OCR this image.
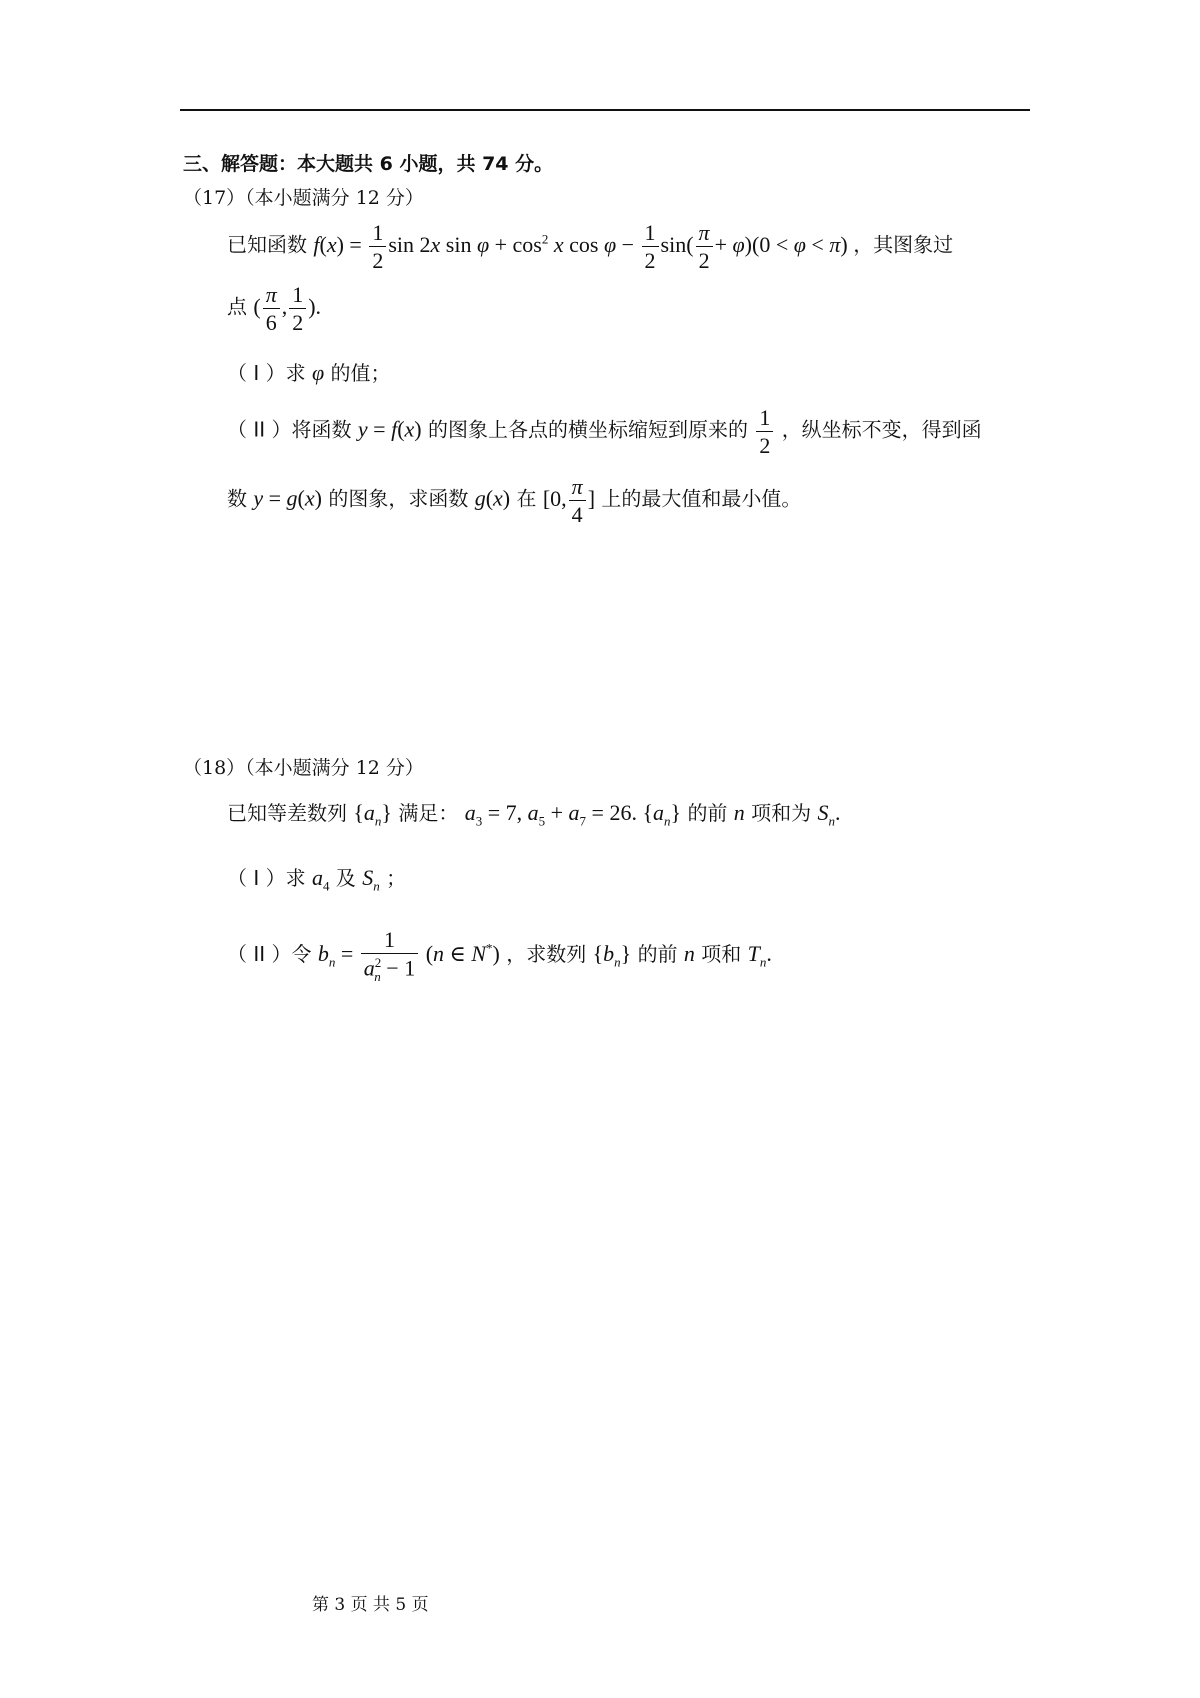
三、解答题：本大题共 6 小题，共 74 分。
（17）（本小题满分 12 分）
已知函数 $f(x) = \frac{1}{2}$ sin 2x $\sin \varphi + \cos^2 x$ $\cos \varphi - \frac{1}{2} \sin( \frac{\pi}{2} + \varphi)(0 < \varphi < \pi)$ ，其图象过
点 ( $\frac{\pi}{6}$ , $\frac{1}{2}$ ).
（ I ）求 φ 的值；
（ II ）将函数 y = f(x) 的图象上各点的横坐标缩短到原来的 $\frac{1}{2}$ ，纵坐标不变，得到函
数 y = g(x) 的图象，求函数 g(x) 在 [0, $\frac{\pi}{4}$ ] 上的最大值和最小值。
（18）（本小题满分 12 分）
已知等差数列 $\{a_n\}$ 满足： $a_3 = 7$, $a_5 + a_7 = 26$. $\{a_n\}$ 的前 n 项和为 $S_n$.
（ I ）求 $a_4$ 及 $S_n$ ；
（ II ）令 $b_n = \frac{1}{a^2_n - 1} (n$ ∈ N*) ，求数列 $\{b_n\}$ 的前 n 项和 $T_n$.
第 3 页 共 5 页
